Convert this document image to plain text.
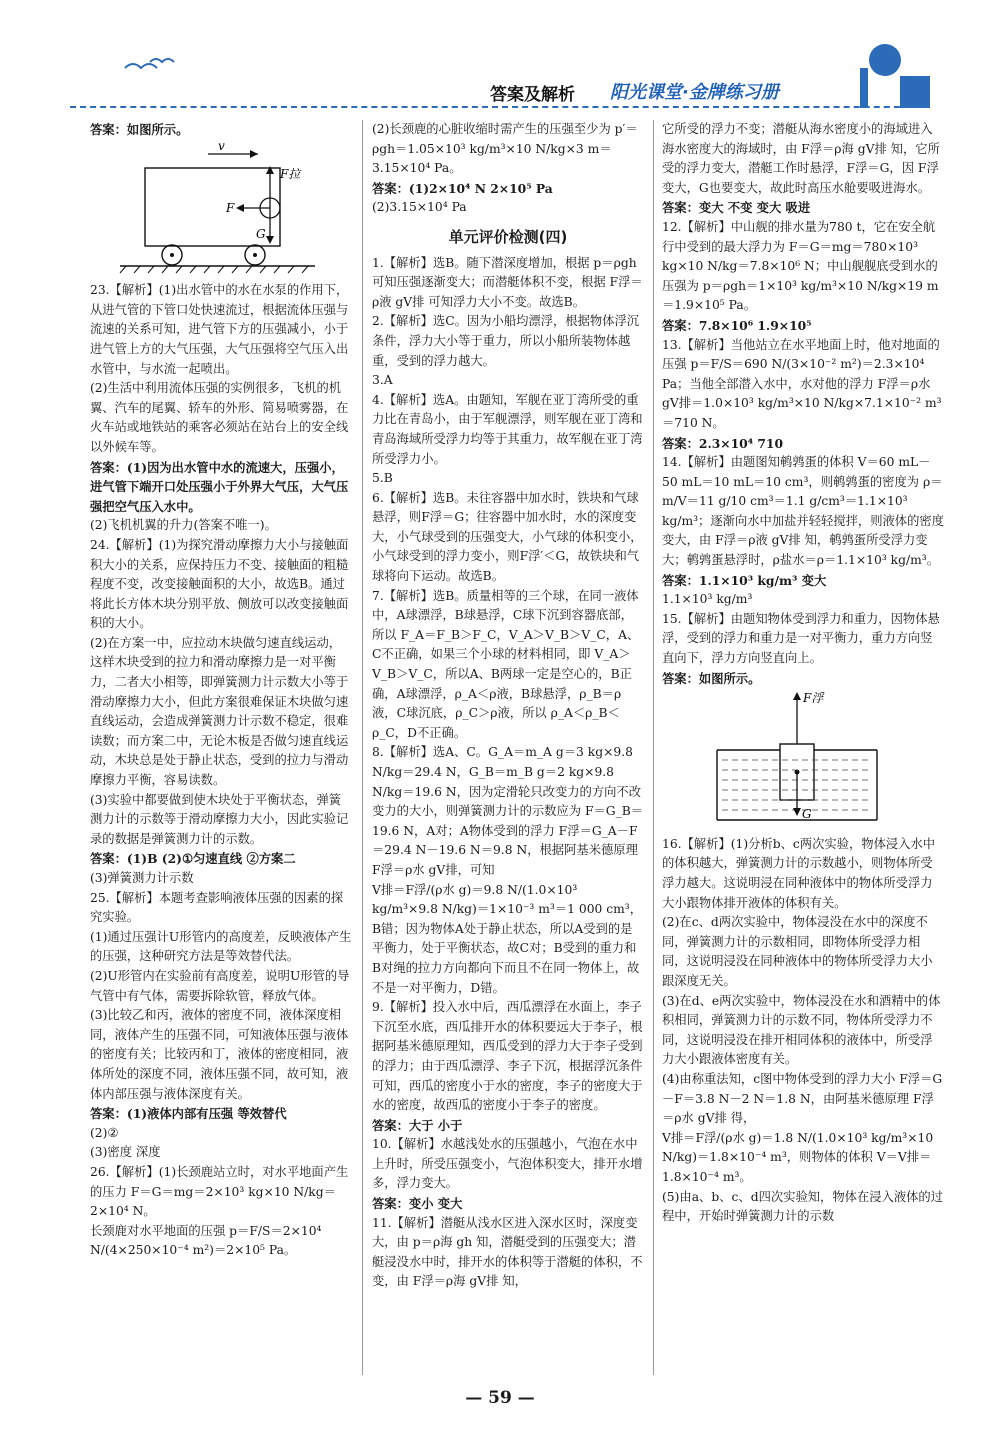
答案及解析 阳光课堂·金牌练习册

答案：如图所示。

v
F拉
F
G

23.【解析】(1)出水管中的水在水泵的作用下，从进气管的下管口处快速流过，根据流体压强与流速的关系可知，进气管下方的压强减小，小于进气管上方的大气压强，大气压强将空气压入出水管中，与水流一起喷出。

(2)生活中利用流体压强的实例很多，飞机的机翼、汽车的尾翼、轿车的外形、简易喷雾器，在火车站或地铁站的乘客必须站在站台上的安全线以外候车等。

答案：(1)因为出水管中水的流速大，压强小，进气管下端开口处压强小于外界大气压，大气压强把空气压入水中。

(2)飞机机翼的升力(答案不唯一)。

24.【解析】(1)为探究滑动摩擦力大小与接触面积大小的关系，应保持压力不变、接触面的粗糙程度不变，改变接触面积的大小，故选B。通过将此长方体木块分别平放、侧放可以改变接触面积的大小。

(2)在方案一中，应拉动木块做匀速直线运动，这样木块受到的拉力和滑动摩擦力是一对平衡力，二者大小相等，即弹簧测力计示数大小等于滑动摩擦力大小，但此方案很难保证木块做匀速直线运动，会造成弹簧测力计示数不稳定，很难读数；而方案二中，无论木板是否做匀速直线运动，木块总是处于静止状态，受到的拉力与滑动摩擦力平衡，容易读数。

(3)实验中都要做到使木块处于平衡状态，弹簧测力计的示数等于滑动摩擦力大小，因此实验记录的数据是弹簧测力计的示数。

答案：(1)B (2)①匀速直线 ②方案二

(3)弹簧测力计示数

25.【解析】本题考查影响液体压强的因素的探究实验。

(1)通过压强计U形管内的高度差，反映液体产生的压强，这种研究方法是等效替代法。

(2)U形管内在实验前有高度差，说明U形管的导气管中有气体，需要拆除软管，释放气体。

(3)比较乙和丙，液体的密度不同，液体深度相同，液体产生的压强不同，可知液体压强与液体的密度有关；比较丙和丁，液体的密度相同，液体所处的深度不同，液体压强不同，故可知，液体内部压强与液体深度有关。

答案：(1)液体内部有压强 等效替代

(2)②

(3)密度 深度

26.【解析】(1)长颈鹿站立时，对水平地面产生的压力 F＝G＝mg＝2×10³ kg×10 N/kg＝2×10⁴ N。

长颈鹿对水平地面的压强 p＝F/S＝2×10⁴ N/(4×250×10⁻⁴ m²)＝2×10⁵ Pa。

(2)长颈鹿的心脏收缩时需产生的压强至少为 p′＝ρgh＝1.05×10³ kg/m³×10 N/kg×3 m＝3.15×10⁴ Pa。

答案：(1)2×10⁴ N 2×10⁵ Pa

(2)3.15×10⁴ Pa

单元评价检测(四)

1.【解析】选B。随下潜深度增加，根据 p＝ρgh 可知压强逐渐变大；而潜艇体积不变，根据 F浮＝ρ液 gV排 可知浮力大小不变。故选B。

2.【解析】选C。因为小船均漂浮，根据物体浮沉条件，浮力大小等于重力，所以小船所装物体越重，受到的浮力越大。

3.A

4.【解析】选A。由题知，军舰在亚丁湾所受的重力比在青岛小，由于军舰漂浮，则军舰在亚丁湾和青岛海域所受浮力均等于其重力，故军舰在亚丁湾所受浮力小。

5.B

6.【解析】选B。未往容器中加水时，铁块和气球悬浮，则F浮＝G；往容器中加水时，水的深度变大，小气球受到的压强变大，小气球的体积变小，小气球受到的浮力变小，则F浮′＜G，故铁块和气球将向下运动。故选B。

7.【解析】选B。质量相等的三个球，在同一液体中，A球漂浮，B球悬浮，C球下沉到容器底部，所以 F_A＝F_B＞F_C，V_A＞V_B＞V_C，A、C不正确，如果三个小球的材料相同，即 V_A＞V_B＞V_C，所以A、B两球一定是空心的，B正确，A球漂浮，ρ_A＜ρ液，B球悬浮，ρ_B＝ρ液，C球沉底，ρ_C＞ρ液，所以 ρ_A＜ρ_B＜ρ_C，D不正确。

8.【解析】选A、C。G_A＝m_A g＝3 kg×9.8 N/kg＝29.4 N，G_B＝m_B g＝2 kg×9.8 N/kg＝19.6 N，因为定滑轮只改变力的方向不改变力的大小，则弹簧测力计的示数应为 F＝G_B＝19.6 N，A对；A物体受到的浮力 F浮＝G_A－F＝29.4 N－19.6 N＝9.8 N，根据阿基米德原理 F浮＝ρ水 gV排，可知

V排＝F浮/(ρ水 g)＝9.8 N/(1.0×10³ kg/m³×9.8 N/kg)＝1×10⁻³ m³＝1 000 cm³，B错；因为物体A处于静止状态，所以A受到的是平衡力，处于平衡状态，故C对；B受到的重力和B对绳的拉力方向都向下而且不在同一物体上，故不是一对平衡力，D错。

9.【解析】投入水中后，西瓜漂浮在水面上，李子下沉至水底，西瓜排开水的体积要远大于李子，根据阿基米德原理知，西瓜受到的浮力大于李子受到的浮力；由于西瓜漂浮、李子下沉，根据浮沉条件可知，西瓜的密度小于水的密度，李子的密度大于水的密度，故西瓜的密度小于李子的密度。

答案：大于 小于

10.【解析】水越浅处水的压强越小，气泡在水中上升时，所受压强变小，气泡体积变大，排开水增多，浮力变大。

答案：变小 变大

11.【解析】潜艇从浅水区进入深水区时，深度变大，由 p＝ρ海 gh 知，潜艇受到的压强变大；潜艇浸没水中时，排开水的体积等于潜艇的体积，不变，由 F浮＝ρ海 gV排 知，

它所受的浮力不变；潜艇从海水密度小的海域进入海水密度大的海域时，由 F浮＝ρ海 gV排 知，它所受的浮力变大，潜艇工作时悬浮，F浮＝G，因 F浮 变大，G也要变大，故此时高压水舱要吸进海水。

答案：变大 不变 变大 吸进

12.【解析】中山舰的排水量为780 t，它在安全航行中受到的最大浮力为 F＝G＝mg＝780×10³ kg×10 N/kg＝7.8×10⁶ N；中山舰舰底受到水的压强为 p＝ρgh＝1×10³ kg/m³×10 N/kg×19 m＝1.9×10⁵ Pa。

答案：7.8×10⁶ 1.9×10⁵

13.【解析】当他站立在水平地面上时，他对地面的压强 p＝F/S＝690 N/(3×10⁻² m²)＝2.3×10⁴ Pa；当他全部潜入水中，水对他的浮力 F浮＝ρ水 gV排＝1.0×10³ kg/m³×10 N/kg×7.1×10⁻² m³＝710 N。

答案：2.3×10⁴ 710

14.【解析】由题图知鹌鹑蛋的体积 V＝60 mL－50 mL＝10 mL＝10 cm³，则鹌鹑蛋的密度为 ρ＝m/V＝11 g/10 cm³＝1.1 g/cm³＝1.1×10³ kg/m³；逐渐向水中加盐并轻轻搅拌，则液体的密度变大，由 F浮＝ρ液 gV排 知，鹌鹑蛋所受浮力变大；鹌鹑蛋悬浮时，ρ盐水＝ρ＝1.1×10³ kg/m³。

答案：1.1×10³ kg/m³ 变大

1.1×10³ kg/m³

15.【解析】由题知物体受到浮力和重力，因物体悬浮，受到的浮力和重力是一对平衡力，重力方向竖直向下，浮力方向竖直向上。

答案：如图所示。

F浮
G

16.【解析】(1)分析b、c两次实验，物体浸入水中的体积越大，弹簧测力计的示数越小，则物体所受浮力越大。这说明浸在同种液体中的物体所受浮力大小跟物体排开液体的体积有关。

(2)在c、d两次实验中，物体浸没在水中的深度不同，弹簧测力计的示数相同，即物体所受浮力相同，这说明浸没在同种液体中的物体所受浮力大小跟深度无关。

(3)在d、e两次实验中，物体浸没在水和酒精中的体积相同，弹簧测力计的示数不同，物体所受浮力不同，这说明浸没在排开相同体积的液体中，所受浮力大小跟液体密度有关。

(4)由称重法知，c图中物体受到的浮力大小 F浮＝G－F＝3.8 N－2 N＝1.8 N，由阿基米德原理 F浮＝ρ水 gV排 得，

V排＝F浮/(ρ水 g)＝1.8 N/(1.0×10³ kg/m³×10 N/kg)＝1.8×10⁻⁴ m³，则物体的体积 V＝V排＝1.8×10⁻⁴ m³。

(5)由a、b、c、d四次实验知，物体在浸入液体的过程中，开始时弹簧测力计的示数

— 59 —
